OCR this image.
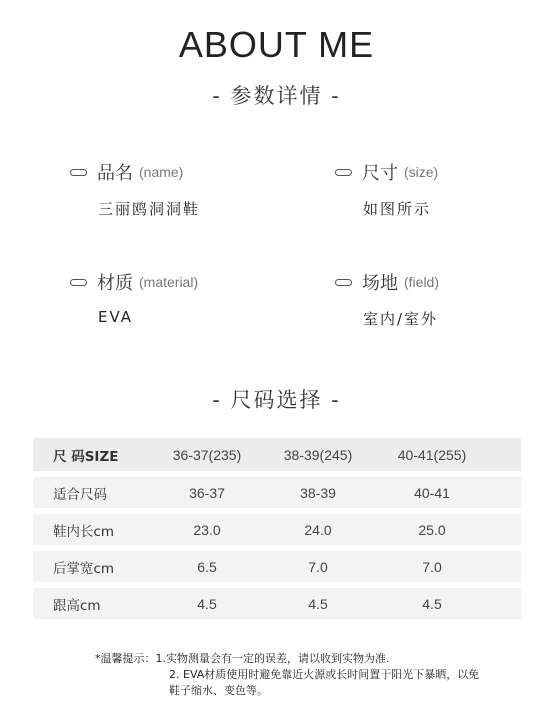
ABOUT ME
- 参数详情 -
品名 (name)
三丽鸥洞洞鞋
尺寸 (size)
如图所示
材质 (material)
EVA
场地 (field)
室内/室外
- 尺码选择 -
尺 码SIZE	36-37(235)	38-39(245)	40-41(255)
适合尺码	36-37	38-39	40-41
鞋内长cm	23.0	24.0	25.0
后掌宽cm	6.5	7.0	7.0
跟高cm	4.5	4.5	4.5
*温馨提示：1.实物测量会有一定的误差，请以收到实物为准.
2. EVA材质使用时避免靠近火源或长时间置于阳光下暴晒，以免鞋子缩水、变色等。
